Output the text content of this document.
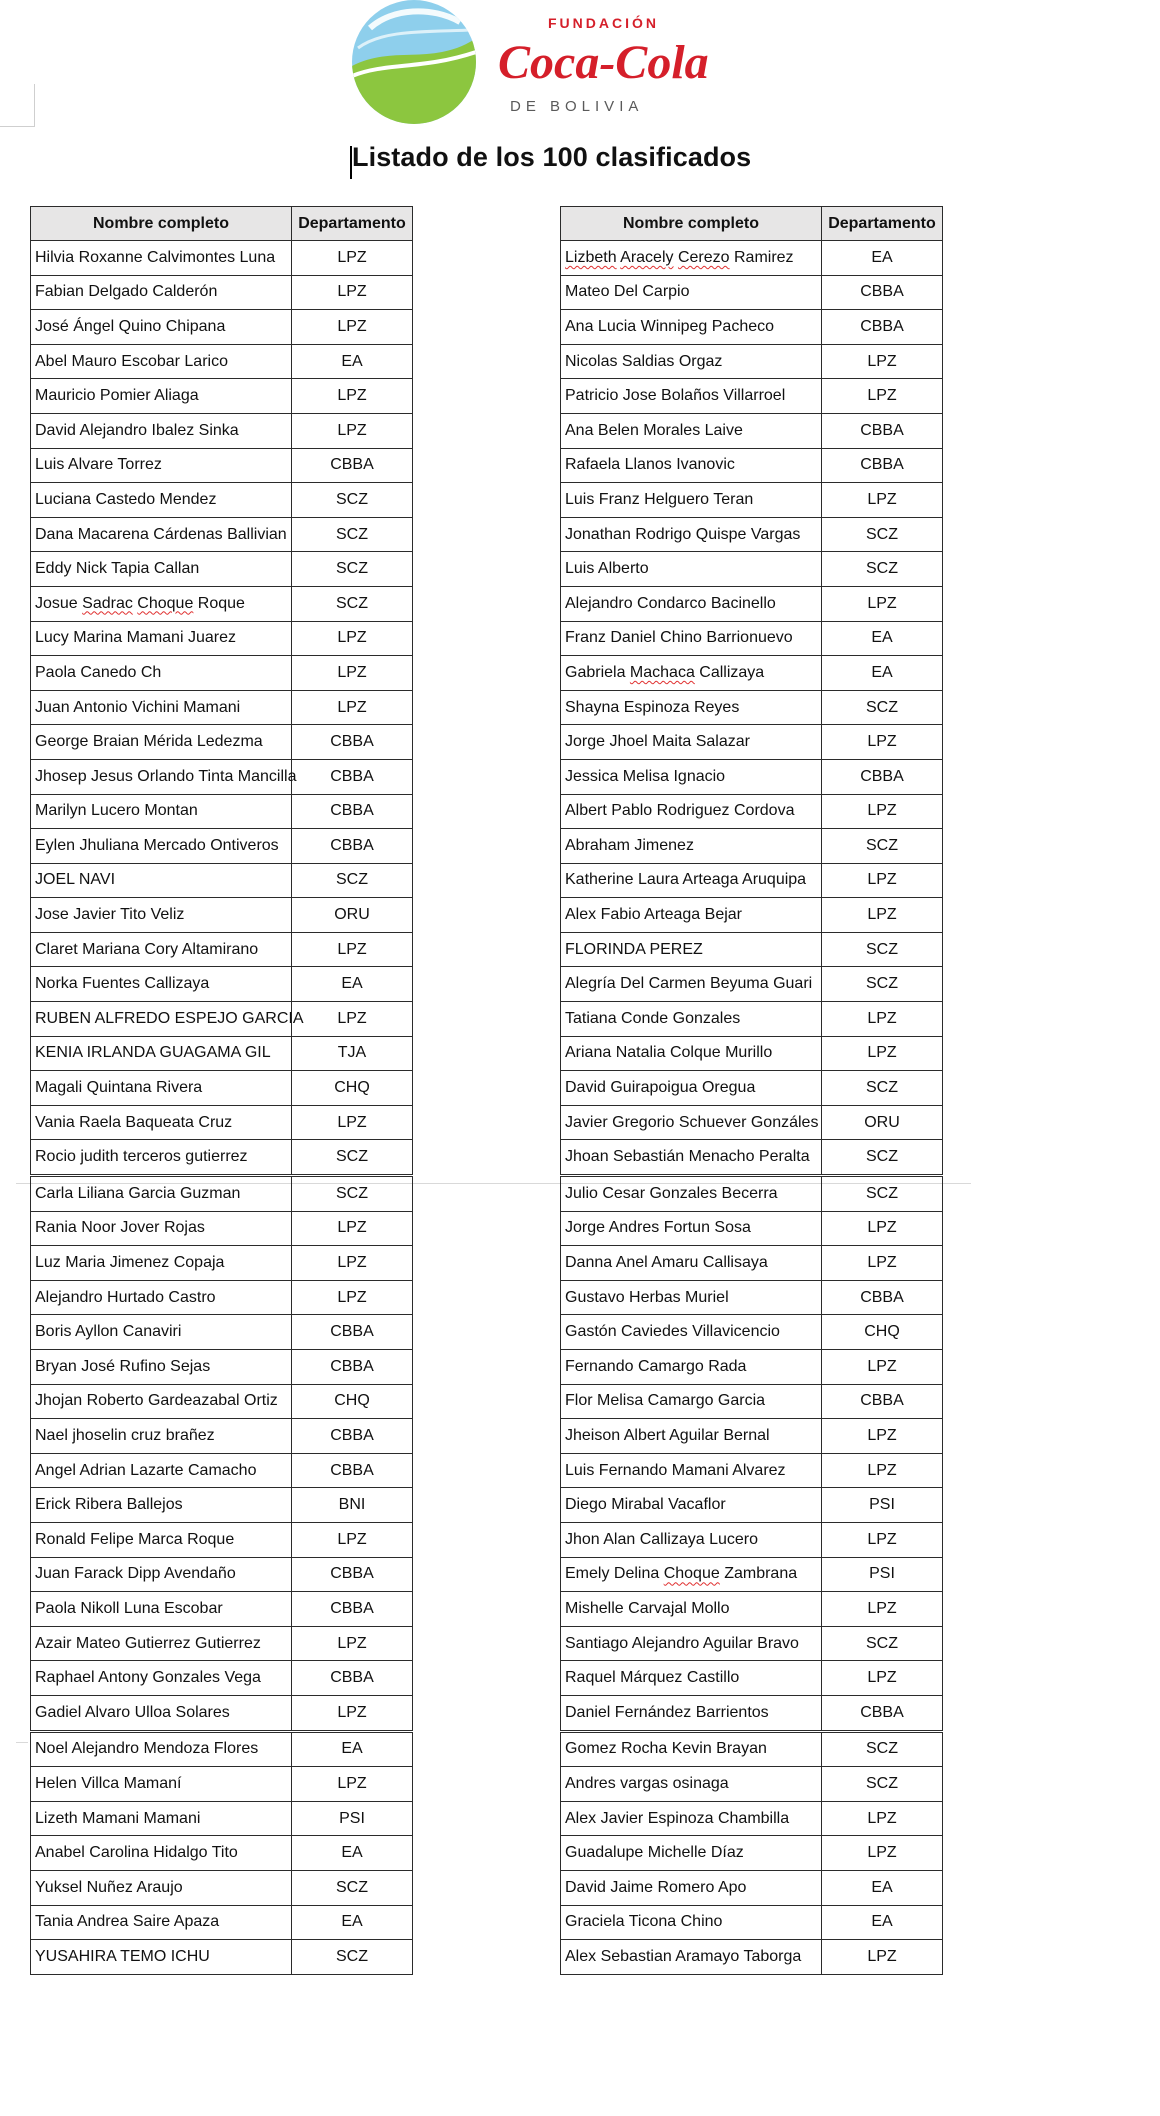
FUNDACIÓN
Coca-Cola
DE BOLIVIA
Listado de los 100 clasificados
Nombre completo	Departamento
Hilvia Roxanne Calvimontes Luna	LPZ
Fabian Delgado Calderón	LPZ
José Ángel Quino Chipana	LPZ
Abel Mauro Escobar Larico	EA
Mauricio Pomier Aliaga	LPZ
David Alejandro Ibalez Sinka	LPZ
Luis Alvare Torrez	CBBA
Luciana Castedo Mendez	SCZ
Dana Macarena Cárdenas Ballivian	SCZ
Eddy Nick Tapia Callan	SCZ
Josue Sadrac Choque Roque	SCZ
Lucy Marina Mamani Juarez	LPZ
Paola Canedo Ch	LPZ
Juan Antonio Vichini Mamani	LPZ
George Braian Mérida Ledezma	CBBA
Jhosep Jesus Orlando Tinta Mancilla	CBBA
Marilyn Lucero Montan	CBBA
Eylen Jhuliana Mercado Ontiveros	CBBA
JOEL NAVI	SCZ
Jose Javier Tito Veliz	ORU
Claret Mariana Cory Altamirano	LPZ
Norka Fuentes Callizaya	EA
RUBEN ALFREDO ESPEJO GARCIA	LPZ
KENIA IRLANDA GUAGAMA GIL	TJA
Magali Quintana Rivera	CHQ
Vania Raela Baqueata Cruz	LPZ
Rocio judith terceros gutierrez	SCZ
Carla Liliana Garcia Guzman	SCZ
Rania Noor Jover Rojas	LPZ
Luz Maria Jimenez Copaja	LPZ
Alejandro Hurtado Castro	LPZ
Boris Ayllon Canaviri	CBBA
Bryan José Rufino Sejas	CBBA
Jhojan Roberto Gardeazabal Ortiz	CHQ
Nael jhoselin cruz brañez	CBBA
Angel Adrian Lazarte Camacho	CBBA
Erick Ribera Ballejos	BNI
Ronald Felipe Marca Roque	LPZ
Juan Farack Dipp Avendaño	CBBA
Paola Nikoll Luna Escobar	CBBA
Azair Mateo Gutierrez Gutierrez	LPZ
Raphael Antony Gonzales Vega	CBBA
Gadiel Alvaro Ulloa Solares	LPZ
Noel Alejandro Mendoza Flores	EA
Helen Villca Mamaní	LPZ
Lizeth Mamani Mamani	PSI
Anabel Carolina Hidalgo Tito	EA
Yuksel Nuñez Araujo	SCZ
Tania Andrea Saire Apaza	EA
YUSAHIRA TEMO ICHU	SCZ
Nombre completo	Departamento
Lizbeth Aracely Cerezo Ramirez	EA
Mateo Del Carpio	CBBA
Ana Lucia Winnipeg Pacheco	CBBA
Nicolas Saldias Orgaz	LPZ
Patricio Jose Bolaños Villarroel	LPZ
Ana Belen Morales Laive	CBBA
Rafaela Llanos Ivanovic	CBBA
Luis Franz Helguero Teran	LPZ
Jonathan Rodrigo Quispe Vargas	SCZ
Luis Alberto	SCZ
Alejandro Condarco Bacinello	LPZ
Franz Daniel Chino Barrionuevo	EA
Gabriela Machaca Callizaya	EA
Shayna Espinoza Reyes	SCZ
Jorge Jhoel Maita Salazar	LPZ
Jessica Melisa Ignacio	CBBA
Albert Pablo Rodriguez Cordova	LPZ
Abraham Jimenez	SCZ
Katherine Laura Arteaga Aruquipa	LPZ
Alex Fabio Arteaga Bejar	LPZ
FLORINDA PEREZ	SCZ
Alegría Del Carmen Beyuma Guari	SCZ
Tatiana Conde Gonzales	LPZ
Ariana Natalia Colque Murillo	LPZ
David Guirapoigua Oregua	SCZ
Javier Gregorio Schuever Gonzáles	ORU
Jhoan Sebastián Menacho Peralta	SCZ
Julio Cesar Gonzales Becerra	SCZ
Jorge Andres Fortun Sosa	LPZ
Danna Anel Amaru Callisaya	LPZ
Gustavo Herbas Muriel	CBBA
Gastón Caviedes Villavicencio	CHQ
Fernando Camargo Rada	LPZ
Flor Melisa Camargo Garcia	CBBA
Jheison Albert Aguilar Bernal	LPZ
Luis Fernando Mamani Alvarez	LPZ
Diego Mirabal Vacaflor	PSI
Jhon Alan Callizaya Lucero	LPZ
Emely Delina Choque Zambrana	PSI
Mishelle Carvajal Mollo	LPZ
Santiago Alejandro Aguilar Bravo	SCZ
Raquel Márquez Castillo	LPZ
Daniel Fernández Barrientos	CBBA
Gomez Rocha Kevin Brayan	SCZ
Andres vargas osinaga	SCZ
Alex Javier Espinoza Chambilla	LPZ
Guadalupe Michelle Díaz	LPZ
David Jaime Romero Apo	EA
Graciela Ticona Chino	EA
Alex Sebastian Aramayo Taborga	LPZ
